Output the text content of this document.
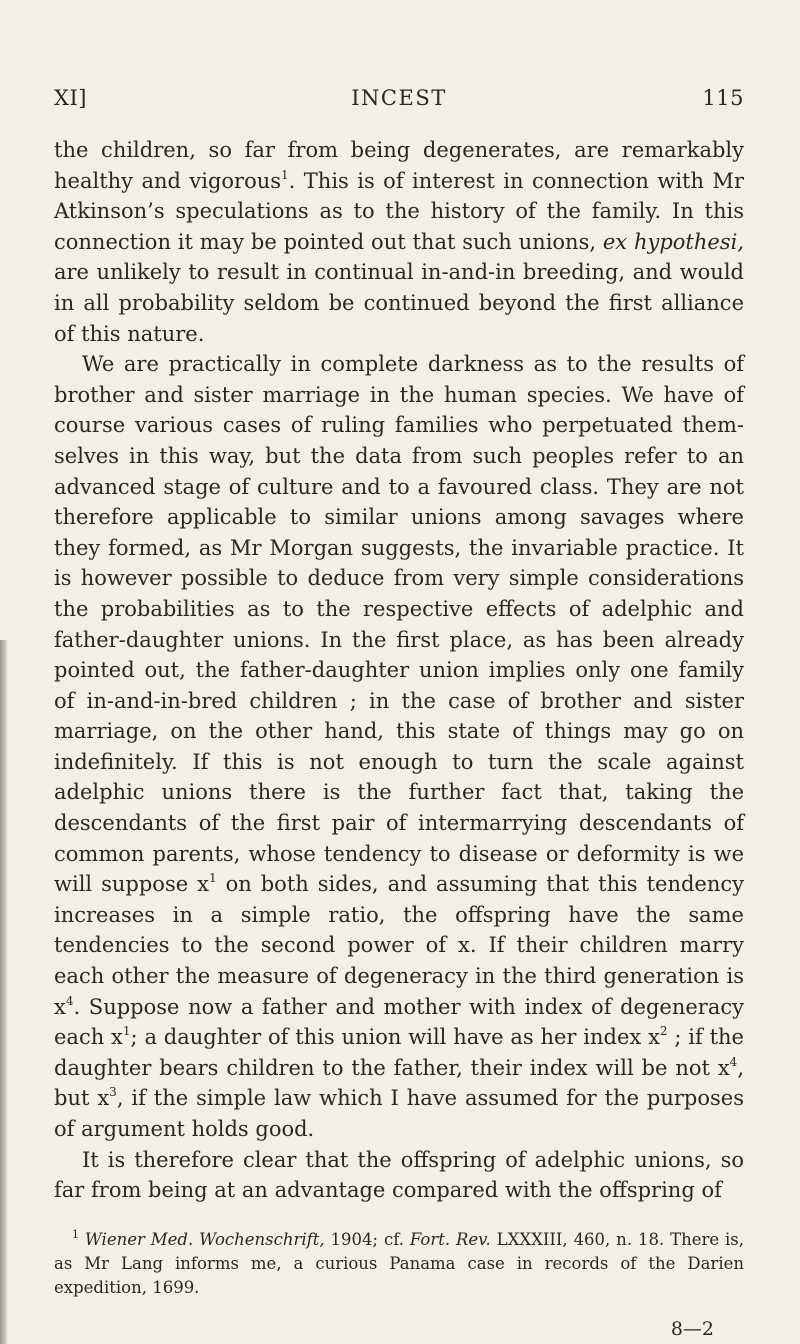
XI]	INCEST	115

the children, so far from being degenerates, are remarkably healthy and vigorous$^1$. This is of interest in connection with Mr Atkinson’s speculations as to the history of the family. In this connection it may be pointed out that such unions, ex hypothesi, are unlikely to result in continual in-and-in breeding, and would in all probability seldom be continued beyond the first alliance of this nature.

We are practically in complete darkness as to the results of brother and sister marriage in the human species. We have of course various cases of ruling families who perpetuated them-selves in this way, but the data from such peoples refer to an advanced stage of culture and to a favoured class. They are not therefore applicable to similar unions among savages where they formed, as Mr Morgan suggests, the invariable practice. It is however possible to deduce from very simple considerations the probabilities as to the respective effects of adelphic and father-daughter unions. In the first place, as has been already pointed out, the father-daughter union implies only one family of in-and-in-bred children ; in the case of brother and sister marriage, on the other hand, this state of things may go on indefinitely. If this is not enough to turn the scale against adelphic unions there is the further fact that, taking the descendants of the first pair of intermarrying descendants of common parents, whose tendency to disease or deformity is we will suppose $x^1$ on both sides, and assuming that this tendency increases in a simple ratio, the offspring have the same tendencies to the second power of x. If their children marry each other the measure of degeneracy in the third generation is $x^4$. Suppose now a father and mother with index of degeneracy each $x^1$; a daughter of this union will have as her index $x^2$ ; if the daughter bears children to the father, their index will be not $x^4$, but $x^3$, if the simple law which I have assumed for the purposes of argument holds good.

It is therefore clear that the offspring of adelphic unions, so far from being at an advantage compared with the offspring of

$^1$ Wiener Med. Wochenschrift, 1904; cf. Fort. Rev. LXXXIII, 460, n. 18. There is, as Mr Lang informs me, a curious Panama case in records of the Darien expedition, 1699.
8—2
